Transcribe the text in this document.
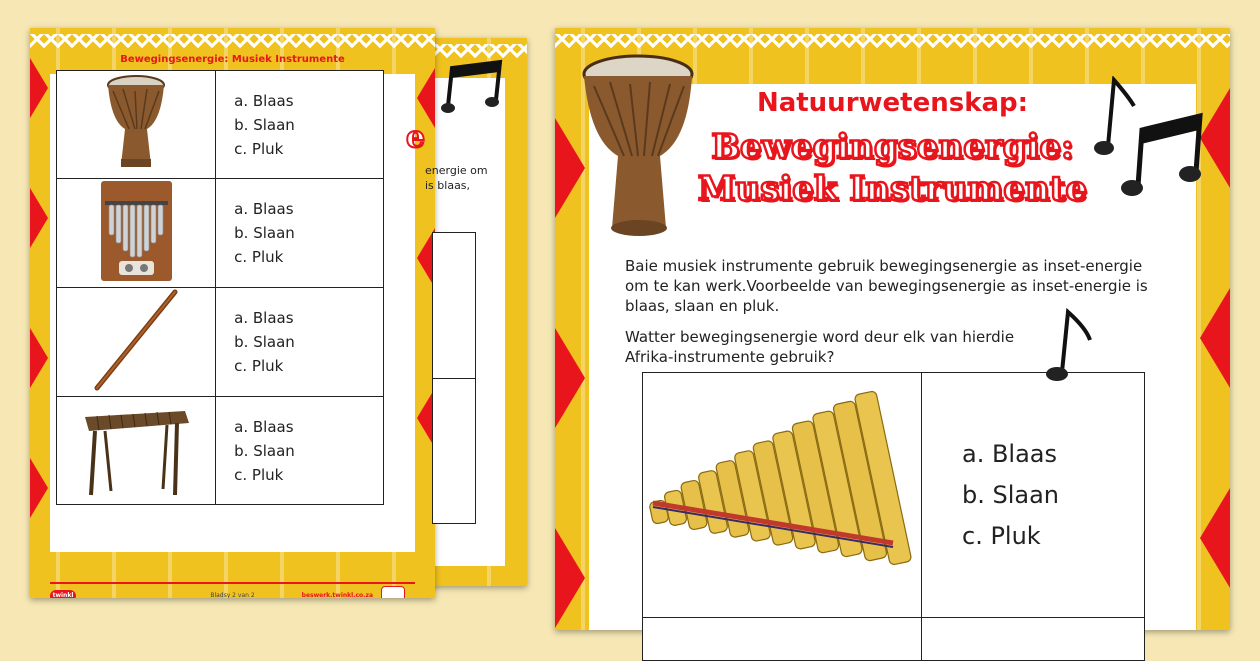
e
energie om
is blaas,
twinkl	Bladsy 2 van 2	beswerk.twinkl.co.za
Bewegingsenergie: Musiek Instrumente

a. Blaas
b. Slaan
c. Pluk

a. Blaas
b. Slaan
c. Pluk

a. Blaas
b. Slaan
c. Pluk

a. Blaas
b. Slaan
c. Pluk
Natuurwetenskap:
Bewegingsenergie:
Musiek Instrumente
Baie musiek instrumente gebruik bewegingsenergie as inset-energie om te kan werk.Voorbeelde van bewegingsenergie as inset-energie is blaas, slaan en pluk.
Watter bewegingsenergie word deur elk van hierdie Afrika-instrumente gebruik?

a. Blaas
b. Slaan
c. Pluk
